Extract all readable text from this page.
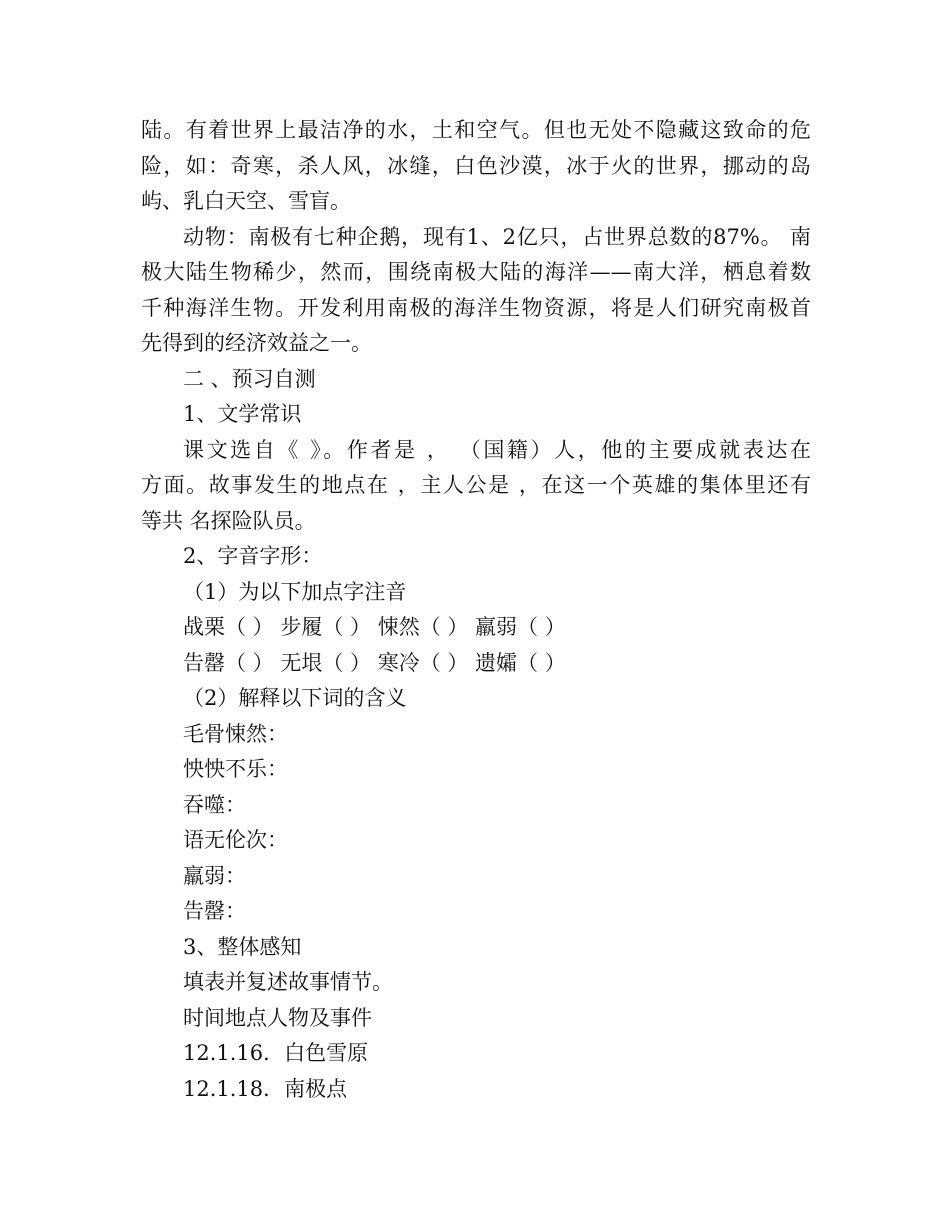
陆。有着世界上最洁净的水，土和空气。但也无处不隐藏这致命的危
险，如：奇寒，杀人风，冰缝，白色沙漠，冰于火的世界，挪动的岛
屿、乳白天空、雪盲。
动物：南极有七种企鹅，现有1、2亿只，占世界总数的87%。 南
极大陆生物稀少，然而，围绕南极大陆的海洋——南大洋，栖息着数
千种海洋生物。开发利用南极的海洋生物资源，将是人们研究南极首
先得到的经济效益之一。
二 、预习自测
1、文学常识
课文选自《 》。作者是 ， （国籍）人，他的主要成就表达在
方面。故事发生的地点在 ，主人公是 ，在这一个英雄的集体里还有
等共 名探险队员。
2、字音字形：
（1）为以下加点字注音
战栗（ ） 步履（ ） 悚然（ ） 羸弱（ ）
告罄（ ） 无垠（ ） 寒冷（ ） 遗孀（ ）
（2）解释以下词的含义
毛骨悚然：
怏怏不乐：
吞噬：
语无伦次：
羸弱：
告罄：
3、整体感知
填表并复述故事情节。
时间地点人物及事件
12.1.16．白色雪原
12.1.18．南极点
